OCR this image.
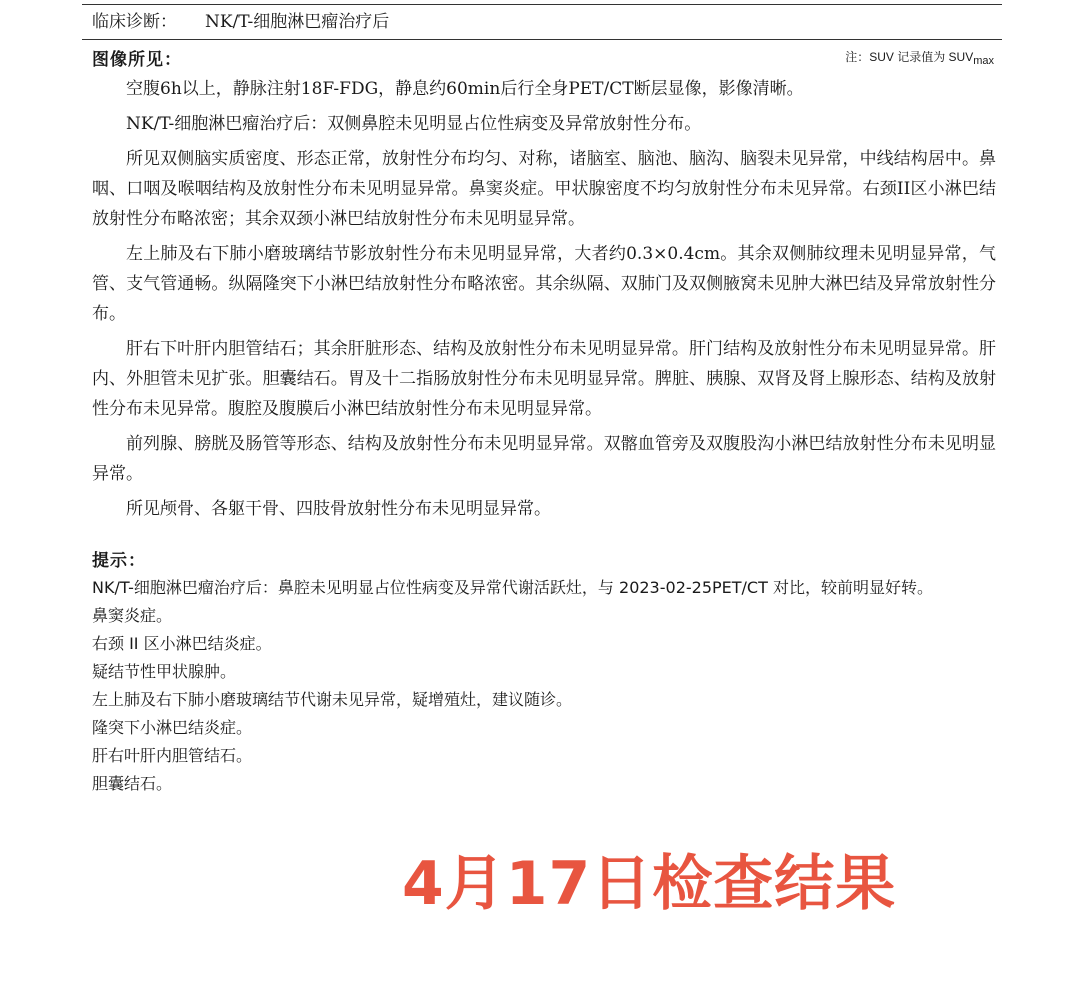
临床诊断： NK/T-细胞淋巴瘤治疗后
图像所见：	注：SUV 记录值为 SUVmax

空腹6h以上，静脉注射18F-FDG，静息约60min后行全身PET/CT断层显像，影像清晰。

NK/T-细胞淋巴瘤治疗后：双侧鼻腔未见明显占位性病变及异常放射性分布。

所见双侧脑实质密度、形态正常，放射性分布均匀、对称，诸脑室、脑池、脑沟、脑裂未见异常，中线结构居中。鼻咽、口咽及喉咽结构及放射性分布未见明显异常。鼻窦炎症。甲状腺密度不均匀放射性分布未见异常。右颈II区小淋巴结放射性分布略浓密；其余双颈小淋巴结放射性分布未见明显异常。

左上肺及右下肺小磨玻璃结节影放射性分布未见明显异常，大者约0.3×0.4cm。其余双侧肺纹理未见明显异常，气管、支气管通畅。纵隔隆突下小淋巴结放射性分布略浓密。其余纵隔、双肺门及双侧腋窝未见肿大淋巴结及异常放射性分布。

肝右下叶肝内胆管结石；其余肝脏形态、结构及放射性分布未见明显异常。肝门结构及放射性分布未见明显异常。肝内、外胆管未见扩张。胆囊结石。胃及十二指肠放射性分布未见明显异常。脾脏、胰腺、双肾及肾上腺形态、结构及放射性分布未见异常。腹腔及腹膜后小淋巴结放射性分布未见明显异常。

前列腺、膀胱及肠管等形态、结构及放射性分布未见明显异常。双髂血管旁及双腹股沟小淋巴结放射性分布未见明显异常。

所见颅骨、各躯干骨、四肢骨放射性分布未见明显异常。

提示：

NK/T-细胞淋巴瘤治疗后：鼻腔未见明显占位性病变及异常代谢活跃灶，与 2023-02-25PET/CT 对比，较前明显好转。

鼻窦炎症。

右颈 II 区小淋巴结炎症。

疑结节性甲状腺肿。

左上肺及右下肺小磨玻璃结节代谢未见异常，疑增殖灶，建议随诊。

隆突下小淋巴结炎症。

肝右叶肝内胆管结石。

胆囊结石。

4月17日检查结果
